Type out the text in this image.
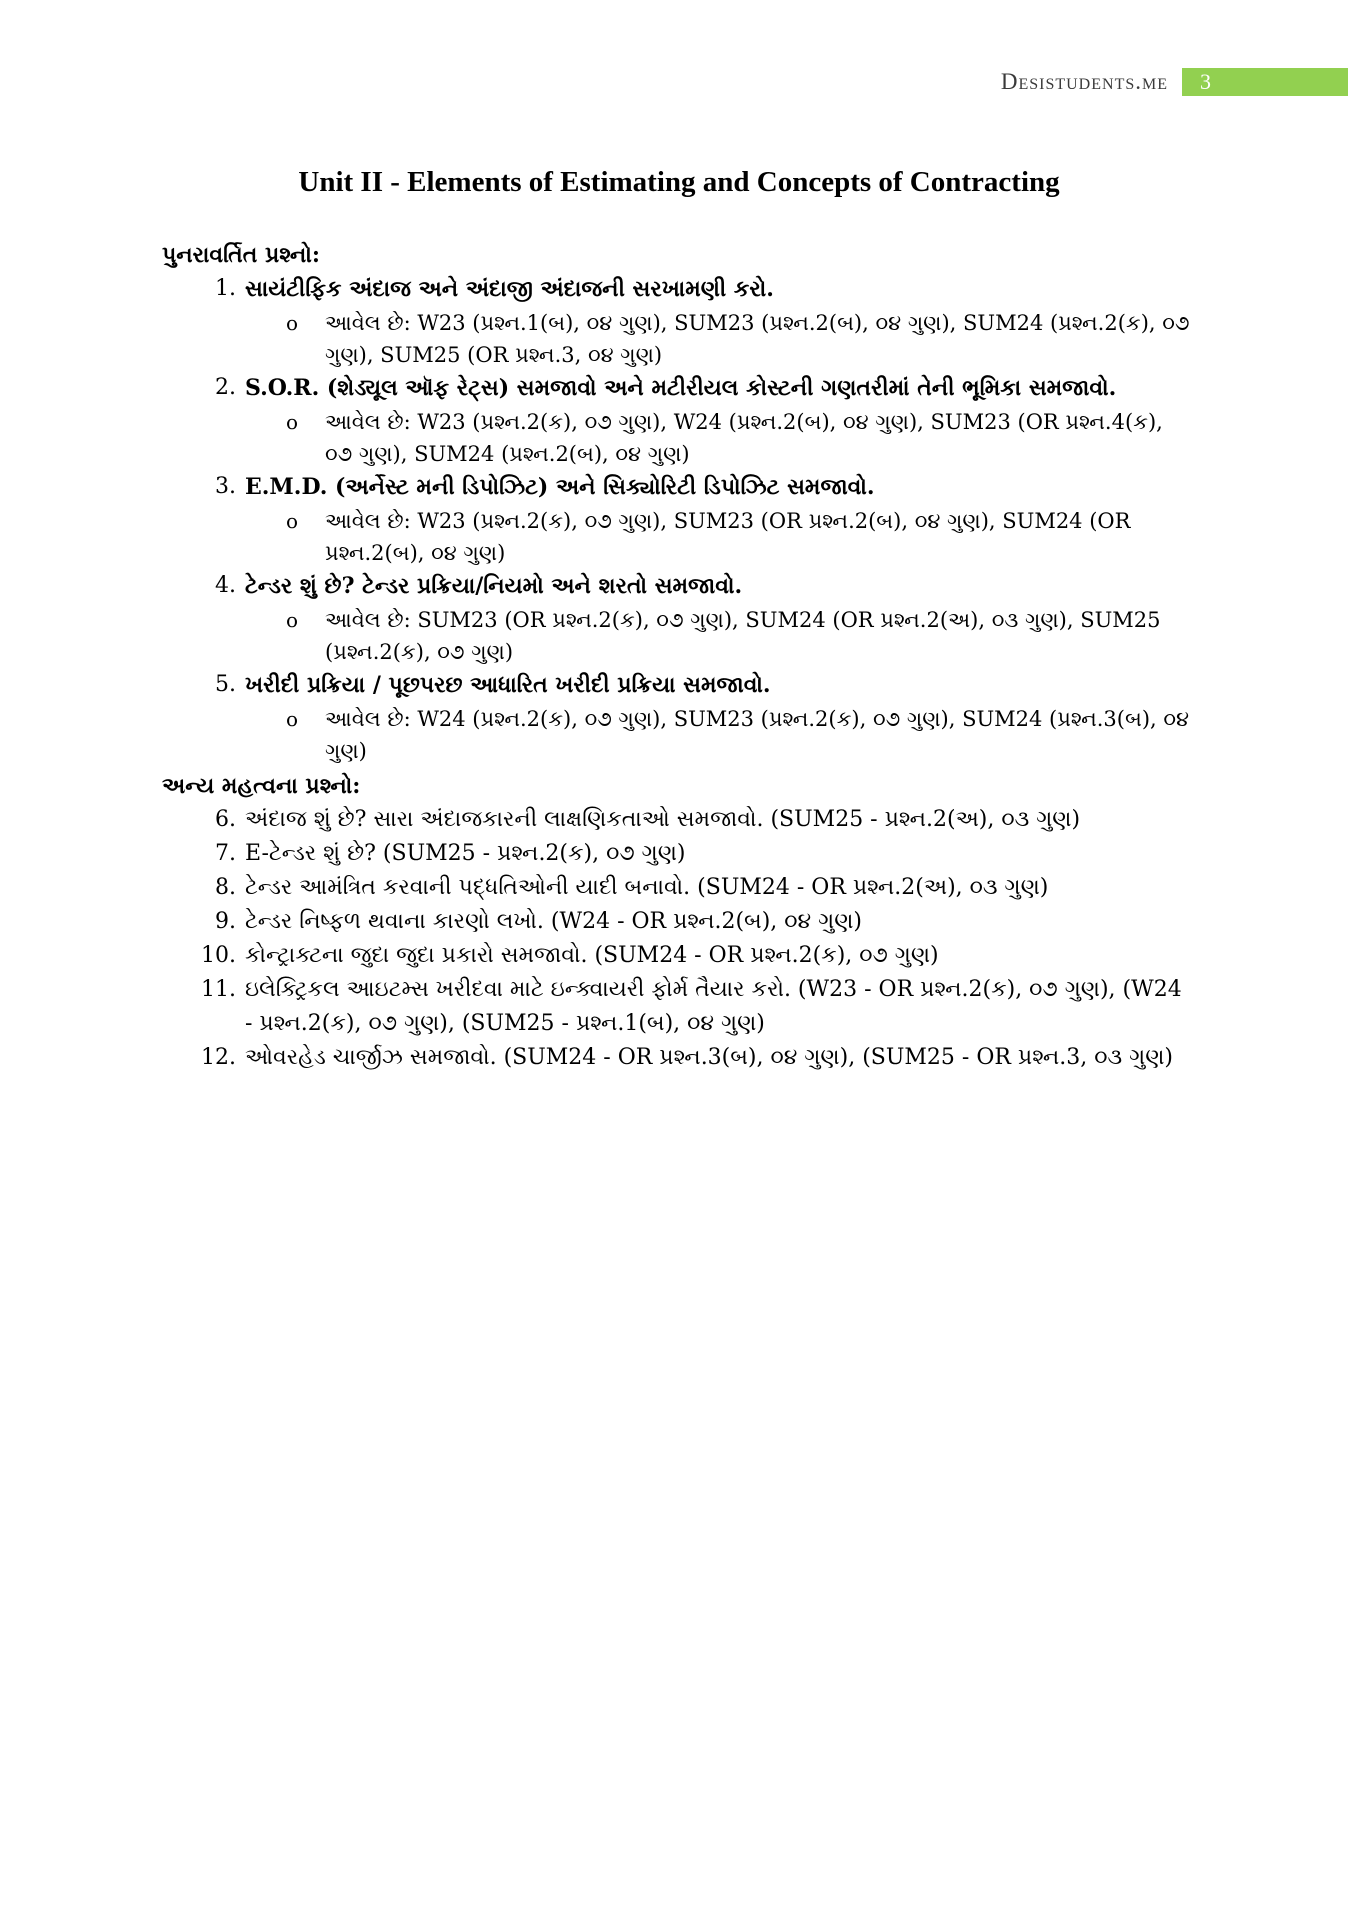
Desistudents.me	3
Unit II - Elements of Estimating and Concepts of Contracting
પુનરાવર્તિત પ્રશ્નો:
1. સાયંટીફિક અંદાજ અને અંદાજી અંદાજની સરખામણી કરો.
o આવેલ છે: W23 (પ્રશ્ન.1(બ), ૦૪ ગુણ), SUM23 (પ્રશ્ન.2(બ), ૦૪ ગુણ), SUM24 (પ્રશ્ન.2(ક), ૦૭ ગુણ), SUM25 (OR પ્રશ્ન.3, ૦૪ ગુણ)
2. S.O.R. (શેડ્યૂલ ઑફ રેટ્સ) સમજાવો અને મટીરીયલ કોસ્ટની ગણતરીમાં તેની ભૂમિકા સમજાવો.
o આવેલ છે: W23 (પ્રશ્ન.2(ક), ૦૭ ગુણ), W24 (પ્રશ્ન.2(બ), ૦૪ ગુણ), SUM23 (OR પ્રશ્ન.4(ક), ૦૭ ગુણ), SUM24 (પ્રશ્ન.2(બ), ૦૪ ગુણ)
3. E.M.D. (અર્નેસ્ટ મની ડિપોઝિટ) અને સિક્યોરિટી ડિપોઝિટ સમજાવો.
o આવેલ છે: W23 (પ્રશ્ન.2(ક), ૦૭ ગુણ), SUM23 (OR પ્રશ્ન.2(બ), ૦૪ ગુણ), SUM24 (OR પ્રશ્ન.2(બ), ૦૪ ગુણ)
4. ટેન્ડર શું છે? ટેન્ડર પ્રક્રિયા/નિયમો અને શરતો સમજાવો.
o આવેલ છે: SUM23 (OR પ્રશ્ન.2(ક), ૦૭ ગુણ), SUM24 (OR પ્રશ્ન.2(અ), ૦૩ ગુણ), SUM25 (પ્રશ્ન.2(ક), ૦૭ ગુણ)
5. ખરીદી પ્રક્રિયા / પૂછપરછ આધારિત ખરીદી પ્રક્રિયા સમજાવો.
o આવેલ છે: W24 (પ્રશ્ન.2(ક), ૦૭ ગુણ), SUM23 (પ્રશ્ન.2(ક), ૦૭ ગુણ), SUM24 (પ્રશ્ન.3(બ), ૦૪ ગુણ)
અન્ય મહત્વના પ્રશ્નો:
6. અંદાજ શું છે? સારા અંદાજકારની લાક્ષણિકતાઓ સમજાવો. (SUM25 - પ્રશ્ન.2(અ), ૦૩ ગુણ)
7. E-ટેન્ડર શું છે? (SUM25 - પ્રશ્ન.2(ક), ૦૭ ગુણ)
8. ટેન્ડર આમંત્રિત કરવાની પદ્ધતિઓની યાદી બનાવો. (SUM24 - OR પ્રશ્ન.2(અ), ૦૩ ગુણ)
9. ટેન્ડર નિષ્ફળ થવાના કારણો લખો. (W24 - OR પ્રશ્ન.2(બ), ૦૪ ગુણ)
10. કોન્ટ્રાક્ટના જુદા જુદા પ્રકારો સમજાવો. (SUM24 - OR પ્રશ્ન.2(ક), ૦૭ ગુણ)
11. ઇલેક્ટ્રિકલ આઇટમ્સ ખરીદવા માટે ઇન્ક્વાયરી ફોર્મ તૈયાર કરો. (W23 - OR પ્રશ્ન.2(ક), ૦૭ ગુણ), (W24 - પ્રશ્ન.2(ક), ૦૭ ગુણ), (SUM25 - પ્રશ્ન.1(બ), ૦૪ ગુણ)
12. ઓવરહેડ ચાર્જીઝ સમજાવો. (SUM24 - OR પ્રશ્ન.3(બ), ૦૪ ગુણ), (SUM25 - OR પ્રશ્ન.3, ૦૩ ગુણ)
